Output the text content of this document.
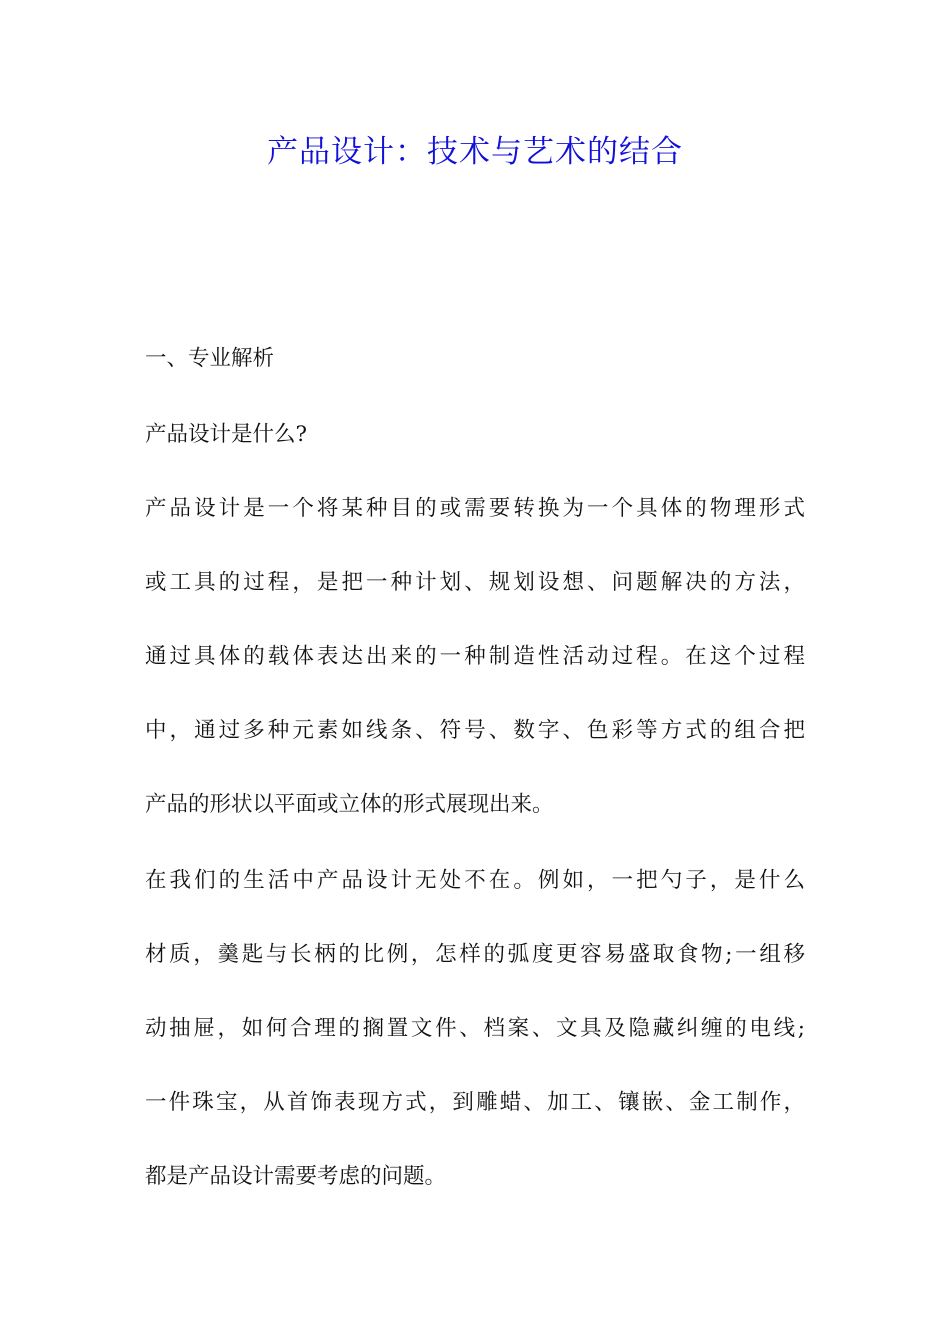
产品设计：技术与艺术的结合

一、专业解析

产品设计是什么?

产品设计是一个将某种目的或需要转换为一个具体的物理形式

或工具的过程，是把一种计划、规划设想、问题解决的方法，

通过具体的载体表达出来的一种制造性活动过程。在这个过程

中，通过多种元素如线条、符号、数字、色彩等方式的组合把

产品的形状以平面或立体的形式展现出来。

在我们的生活中产品设计无处不在。例如，一把勺子，是什么

材质，羹匙与长柄的比例，怎样的弧度更容易盛取食物;一组移

动抽屉，如何合理的搁置文件、档案、文具及隐藏纠缠的电线;

一件珠宝，从首饰表现方式，到雕蜡、加工、镶嵌、金工制作，

都是产品设计需要考虑的问题。
